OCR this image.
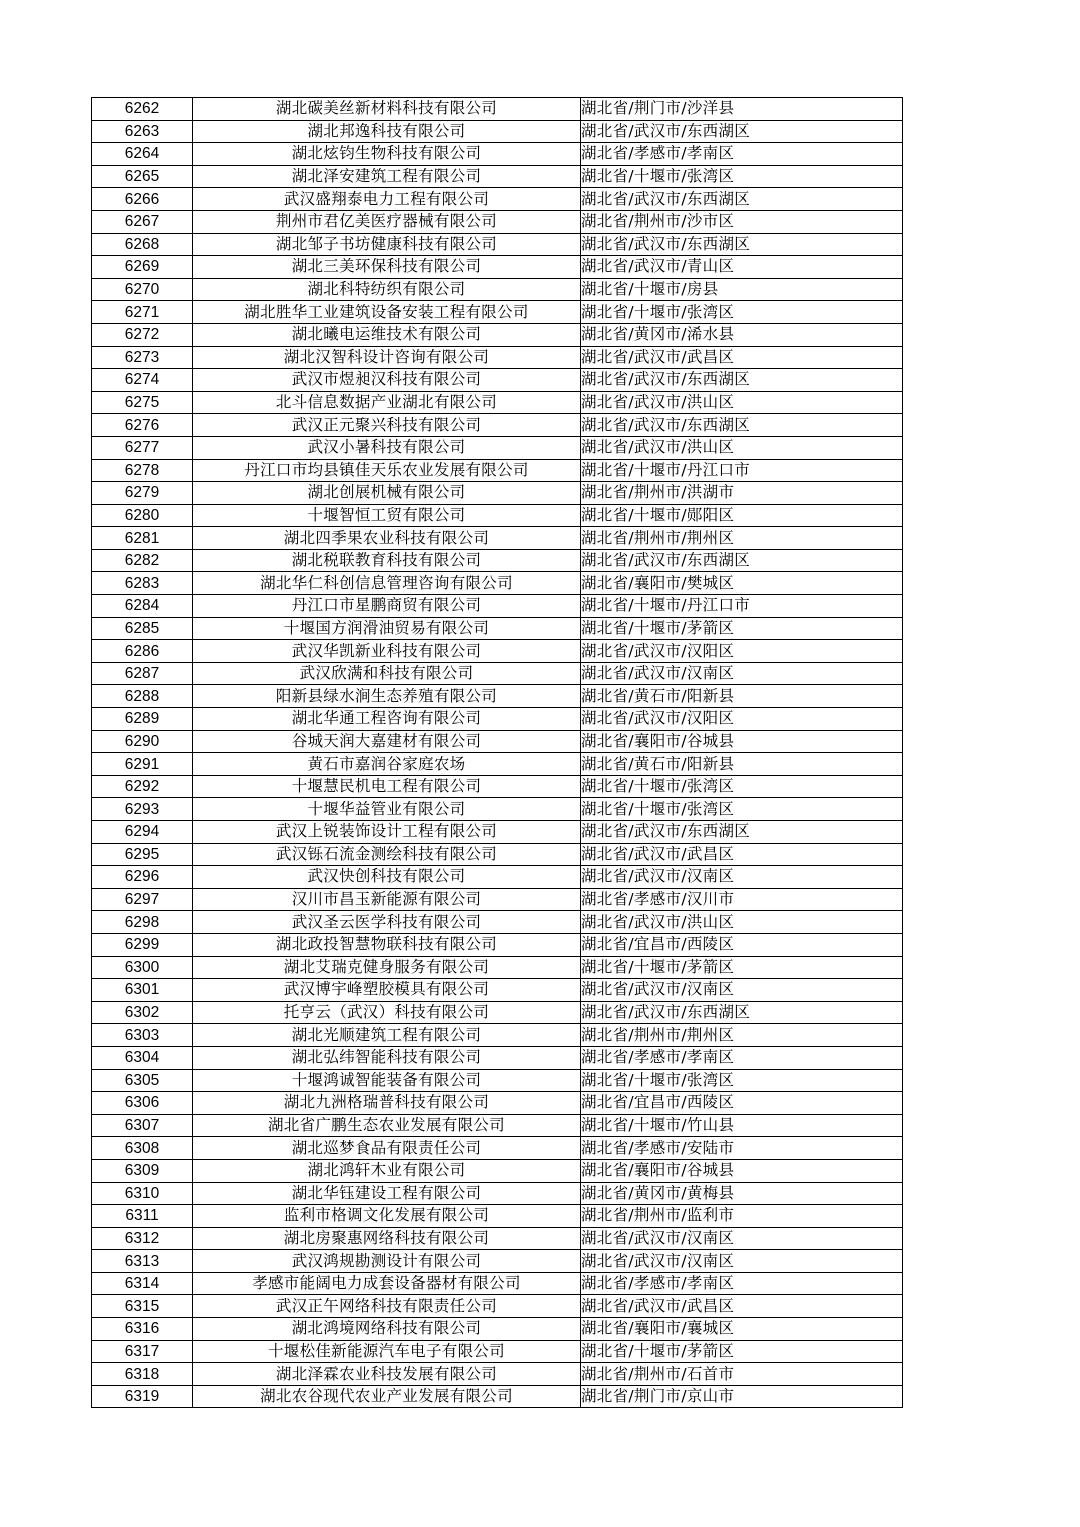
6262	湖北碳美丝新材料科技有限公司	湖北省/荆门市/沙洋县
6263	湖北邦逸科技有限公司	湖北省/武汉市/东西湖区
6264	湖北炫钧生物科技有限公司	湖北省/孝感市/孝南区
6265	湖北泽安建筑工程有限公司	湖北省/十堰市/张湾区
6266	武汉盛翔泰电力工程有限公司	湖北省/武汉市/东西湖区
6267	荆州市君亿美医疗器械有限公司	湖北省/荆州市/沙市区
6268	湖北邹子书坊健康科技有限公司	湖北省/武汉市/东西湖区
6269	湖北三美环保科技有限公司	湖北省/武汉市/青山区
6270	湖北科特纺织有限公司	湖北省/十堰市/房县
6271	湖北胜华工业建筑设备安装工程有限公司	湖北省/十堰市/张湾区
6272	湖北曦电运维技术有限公司	湖北省/黄冈市/浠水县
6273	湖北汉智科设计咨询有限公司	湖北省/武汉市/武昌区
6274	武汉市煜昶汉科技有限公司	湖北省/武汉市/东西湖区
6275	北斗信息数据产业湖北有限公司	湖北省/武汉市/洪山区
6276	武汉正元聚兴科技有限公司	湖北省/武汉市/东西湖区
6277	武汉小暑科技有限公司	湖北省/武汉市/洪山区
6278	丹江口市均县镇佳天乐农业发展有限公司	湖北省/十堰市/丹江口市
6279	湖北创展机械有限公司	湖北省/荆州市/洪湖市
6280	十堰智恒工贸有限公司	湖北省/十堰市/郧阳区
6281	湖北四季果农业科技有限公司	湖北省/荆州市/荆州区
6282	湖北税联教育科技有限公司	湖北省/武汉市/东西湖区
6283	湖北华仁科创信息管理咨询有限公司	湖北省/襄阳市/樊城区
6284	丹江口市星鹏商贸有限公司	湖北省/十堰市/丹江口市
6285	十堰国方润滑油贸易有限公司	湖北省/十堰市/茅箭区
6286	武汉华凯新业科技有限公司	湖北省/武汉市/汉阳区
6287	武汉欣满和科技有限公司	湖北省/武汉市/汉南区
6288	阳新县绿水涧生态养殖有限公司	湖北省/黄石市/阳新县
6289	湖北华通工程咨询有限公司	湖北省/武汉市/汉阳区
6290	谷城天润大嘉建材有限公司	湖北省/襄阳市/谷城县
6291	黄石市嘉润谷家庭农场	湖北省/黄石市/阳新县
6292	十堰慧民机电工程有限公司	湖北省/十堰市/张湾区
6293	十堰华益管业有限公司	湖北省/十堰市/张湾区
6294	武汉上锐装饰设计工程有限公司	湖北省/武汉市/东西湖区
6295	武汉铄石流金测绘科技有限公司	湖北省/武汉市/武昌区
6296	武汉快创科技有限公司	湖北省/武汉市/汉南区
6297	汉川市昌玉新能源有限公司	湖北省/孝感市/汉川市
6298	武汉圣云医学科技有限公司	湖北省/武汉市/洪山区
6299	湖北政投智慧物联科技有限公司	湖北省/宜昌市/西陵区
6300	湖北艾瑞克健身服务有限公司	湖北省/十堰市/茅箭区
6301	武汉博宇峰塑胶模具有限公司	湖北省/武汉市/汉南区
6302	托亨云（武汉）科技有限公司	湖北省/武汉市/东西湖区
6303	湖北光顺建筑工程有限公司	湖北省/荆州市/荆州区
6304	湖北弘纬智能科技有限公司	湖北省/孝感市/孝南区
6305	十堰鸿诚智能装备有限公司	湖北省/十堰市/张湾区
6306	湖北九洲格瑞普科技有限公司	湖北省/宜昌市/西陵区
6307	湖北省广鹏生态农业发展有限公司	湖北省/十堰市/竹山县
6308	湖北巡梦食品有限责任公司	湖北省/孝感市/安陆市
6309	湖北鸿轩木业有限公司	湖北省/襄阳市/谷城县
6310	湖北华钰建设工程有限公司	湖北省/黄冈市/黄梅县
6311	监利市格调文化发展有限公司	湖北省/荆州市/监利市
6312	湖北房聚惠网络科技有限公司	湖北省/武汉市/汉南区
6313	武汉鸿规勘测设计有限公司	湖北省/武汉市/汉南区
6314	孝感市能阔电力成套设备器材有限公司	湖北省/孝感市/孝南区
6315	武汉正午网络科技有限责任公司	湖北省/武汉市/武昌区
6316	湖北鸿境网络科技有限公司	湖北省/襄阳市/襄城区
6317	十堰松佳新能源汽车电子有限公司	湖北省/十堰市/茅箭区
6318	湖北泽霖农业科技发展有限公司	湖北省/荆州市/石首市
6319	湖北农谷现代农业产业发展有限公司	湖北省/荆门市/京山市
